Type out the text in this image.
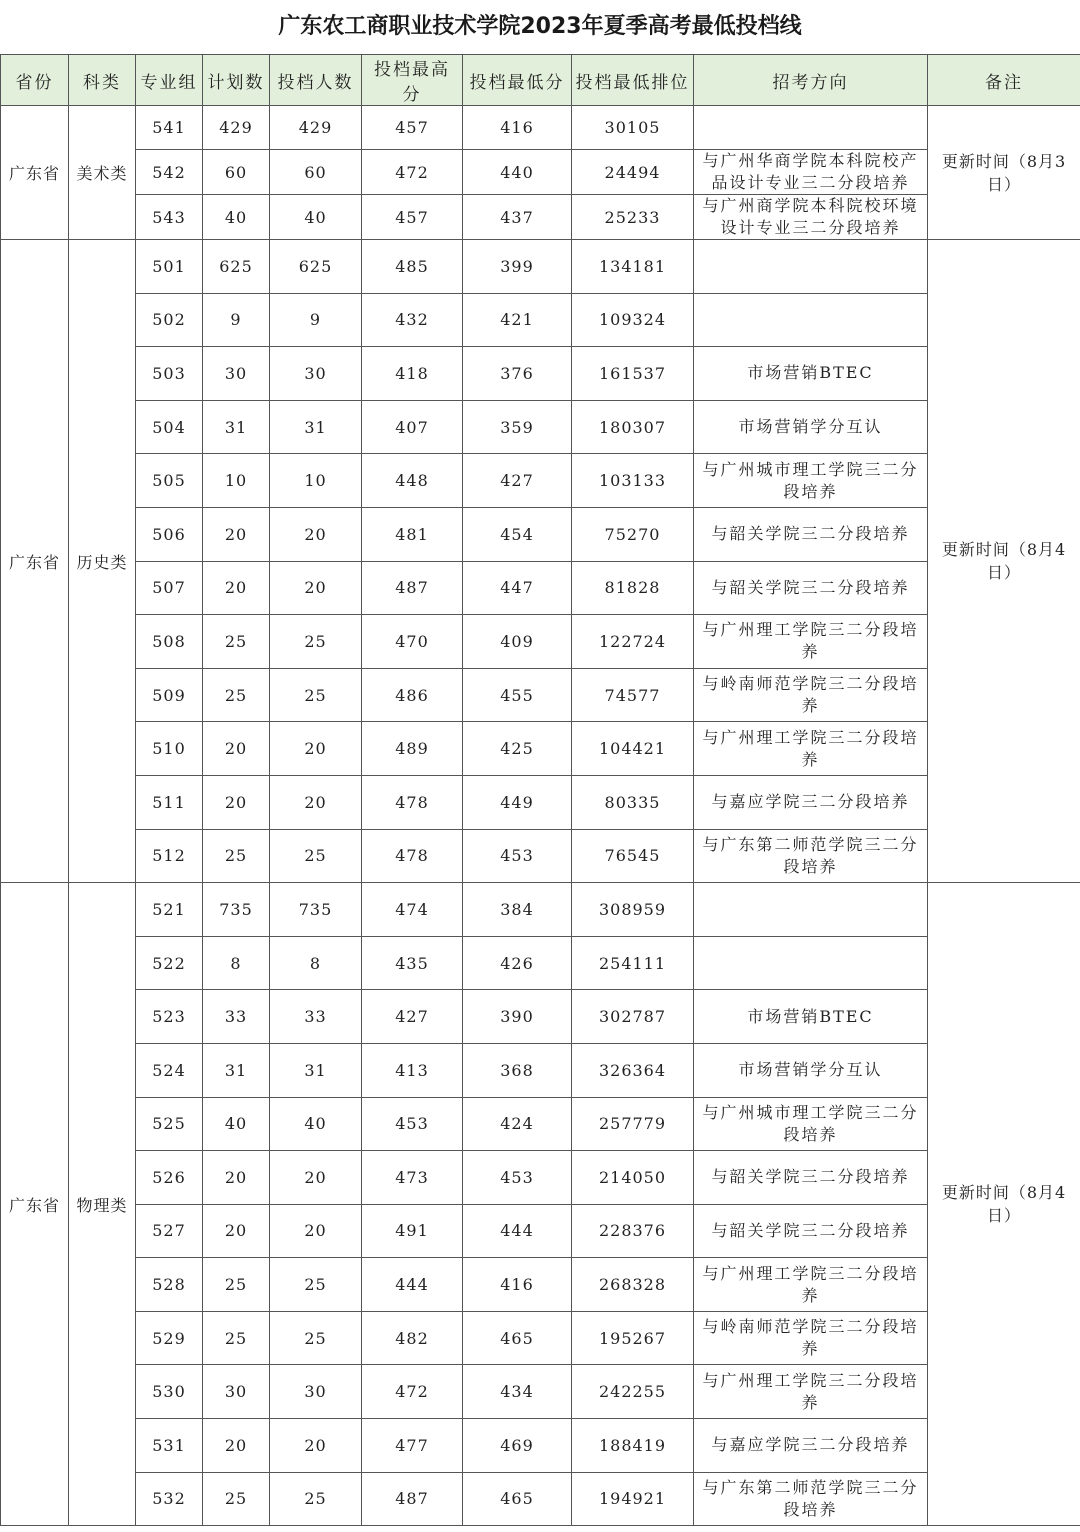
广东农工商职业技术学院2023年夏季高考最低投档线
省份	科类	专业组	计划数	投档人数	投档最高分	投档最低分	投档最低排位	招考方向	备注
广东省	美术类	541	429	429	457	416	30105		更新时间（8月3日）
		542	60	60	472	440	24494	与广州华商学院本科院校产品设计专业三二分段培养	
		543	40	40	457	437	25233	与广州商学院本科院校环境设计专业三二分段培养	
广东省	历史类	501	625	625	485	399	134181		更新时间（8月4日）
		502	9	9	432	421	109324		
		503	30	30	418	376	161537	市场营销BTEC	
		504	31	31	407	359	180307	市场营销学分互认	
		505	10	10	448	427	103133	与广州城市理工学院三二分段培养	
		506	20	20	481	454	75270	与韶关学院三二分段培养	
		507	20	20	487	447	81828	与韶关学院三二分段培养	
		508	25	25	470	409	122724	与广州理工学院三二分段培养	
		509	25	25	486	455	74577	与岭南师范学院三二分段培养	
		510	20	20	489	425	104421	与广州理工学院三二分段培养	
		511	20	20	478	449	80335	与嘉应学院三二分段培养	
		512	25	25	478	453	76545	与广东第二师范学院三二分段培养	
广东省	物理类	521	735	735	474	384	308959		更新时间（8月4日）
		522	8	8	435	426	254111		
		523	33	33	427	390	302787	市场营销BTEC	
		524	31	31	413	368	326364	市场营销学分互认	
		525	40	40	453	424	257779	与广州城市理工学院三二分段培养	
		526	20	20	473	453	214050	与韶关学院三二分段培养	
		527	20	20	491	444	228376	与韶关学院三二分段培养	
		528	25	25	444	416	268328	与广州理工学院三二分段培养	
		529	25	25	482	465	195267	与岭南师范学院三二分段培养	
		530	30	30	472	434	242255	与广州理工学院三二分段培养	
		531	20	20	477	469	188419	与嘉应学院三二分段培养	
		532	25	25	487	465	194921	与广东第二师范学院三二分段培养	
